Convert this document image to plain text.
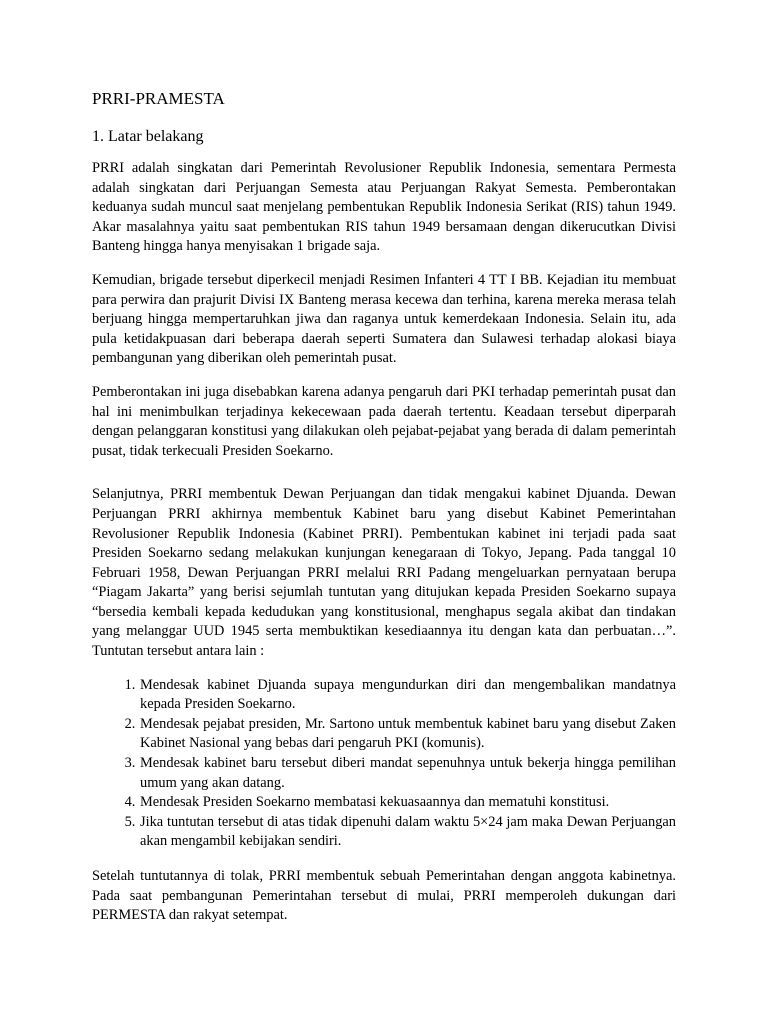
PRRI-PRAMESTA
1. Latar belakang

PRRI adalah singkatan dari Pemerintah Revolusioner Republik Indonesia, sementara Permesta adalah singkatan dari Perjuangan Semesta atau Perjuangan Rakyat Semesta. Pemberontakan keduanya sudah muncul saat menjelang pembentukan Republik Indonesia Serikat (RIS) tahun 1949. Akar masalahnya yaitu saat pembentukan RIS tahun 1949 bersamaan dengan dikerucutkan Divisi Banteng hingga hanya menyisakan 1 brigade saja.

Kemudian, brigade tersebut diperkecil menjadi Resimen Infanteri 4 TT I BB. Kejadian itu membuat para perwira dan prajurit Divisi IX Banteng merasa kecewa dan terhina, karena mereka merasa telah berjuang hingga mempertaruhkan jiwa dan raganya untuk kemerdekaan Indonesia. Selain itu, ada pula ketidakpuasan dari beberapa daerah seperti Sumatera dan Sulawesi terhadap alokasi biaya pembangunan yang diberikan oleh pemerintah pusat.

Pemberontakan ini juga disebabkan karena adanya pengaruh dari PKI terhadap pemerintah pusat dan hal ini menimbulkan terjadinya kekecewaan pada daerah tertentu. Keadaan tersebut diperparah dengan pelanggaran konstitusi yang dilakukan oleh pejabat-pejabat yang berada di dalam pemerintah pusat, tidak terkecuali Presiden Soekarno.

Selanjutnya, PRRI membentuk Dewan Perjuangan dan tidak mengakui kabinet Djuanda. Dewan Perjuangan PRRI akhirnya membentuk Kabinet baru yang disebut Kabinet Pemerintahan Revolusioner Republik Indonesia (Kabinet PRRI). Pembentukan kabinet ini terjadi pada saat Presiden Soekarno sedang melakukan kunjungan kenegaraan di Tokyo, Jepang. Pada tanggal 10 Februari 1958, Dewan Perjuangan PRRI melalui RRI Padang mengeluarkan pernyataan berupa “Piagam Jakarta” yang berisi sejumlah tuntutan yang ditujukan kepada Presiden Soekarno supaya “bersedia kembali kepada kedudukan yang konstitusional, menghapus segala akibat dan tindakan yang melanggar UUD 1945 serta membuktikan kesediaannya itu dengan kata dan perbuatan…”. Tuntutan tersebut antara lain :

1. Mendesak kabinet Djuanda supaya mengundurkan diri dan mengembalikan mandatnya kepada Presiden Soekarno.
2. Mendesak pejabat presiden, Mr. Sartono untuk membentuk kabinet baru yang disebut Zaken Kabinet Nasional yang bebas dari pengaruh PKI (komunis).
3. Mendesak kabinet baru tersebut diberi mandat sepenuhnya untuk bekerja hingga pemilihan umum yang akan datang.
4. Mendesak Presiden Soekarno membatasi kekuasaannya dan mematuhi konstitusi.
5. Jika tuntutan tersebut di atas tidak dipenuhi dalam waktu 5×24 jam maka Dewan Perjuangan akan mengambil kebijakan sendiri.

Setelah tuntutannya di tolak, PRRI membentuk sebuah Pemerintahan dengan anggota kabinetnya. Pada saat pembangunan Pemerintahan tersebut di mulai, PRRI memperoleh dukungan dari PERMESTA dan rakyat setempat.
